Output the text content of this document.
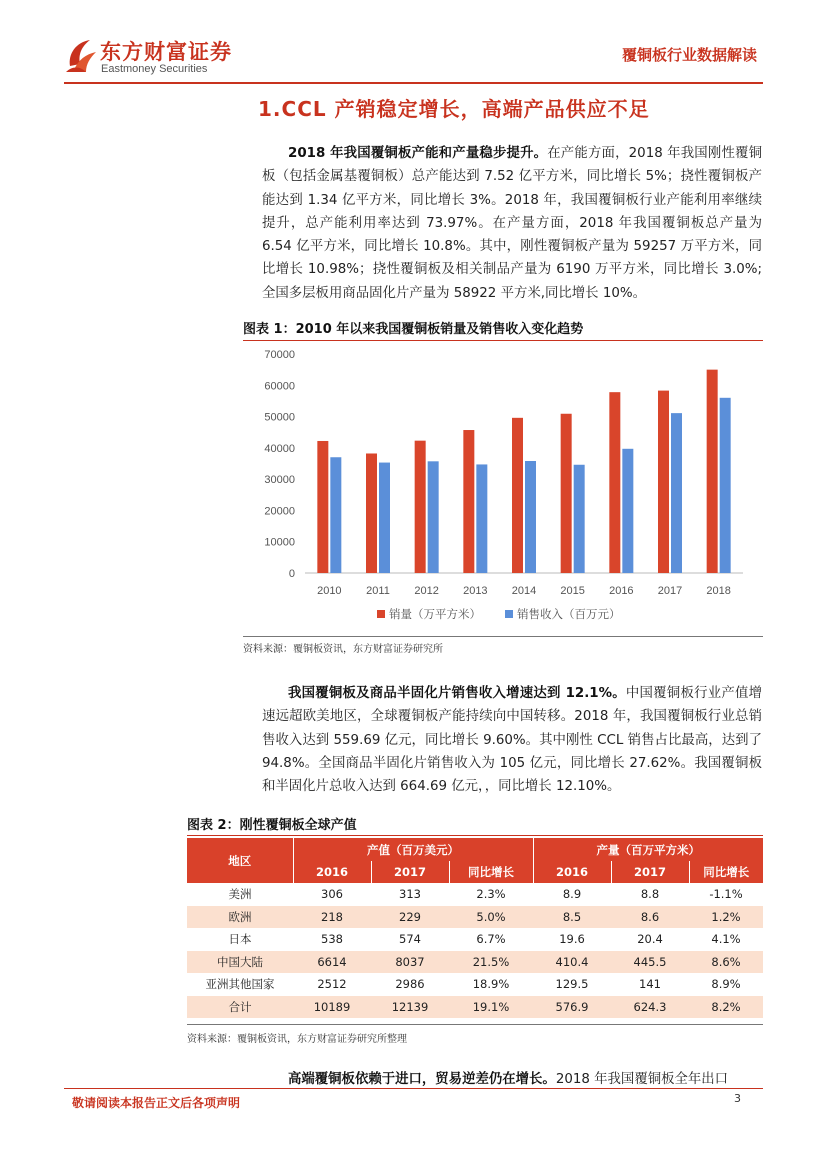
东方财富证券
Eastmoney Securities
覆铜板行业数据解读
1.CCL 产销稳定增长，高端产品供应不足
2018 年我国覆铜板产能和产量稳步提升。在产能方面，2018 年我国刚性覆铜板（包括金属基覆铜板）总产能达到 7.52 亿平方米，同比增长 5%；挠性覆铜板产能达到 1.34 亿平方米，同比增长 3%。2018 年，我国覆铜板行业产能利用率继续提升，总产能利用率达到 73.97%。在产量方面，2018 年我国覆铜板总产量为 6.54 亿平方米，同比增长 10.8%。其中，刚性覆铜板产量为 59257 万平方米，同比增长 10.98%；挠性覆铜板及相关制品产量为 6190 万平方米，同比增长 3.0%;全国多层板用商品固化片产量为 58922 平方米,同比增长 10%。
图表 1：2010 年以来我国覆铜板销量及销售收入变化趋势
0
10000
20000
30000
40000
50000
60000
70000
2010 2011 2012 2013 2014 2015 2016 2017 2018
销量（万平方米）	销售收入（百万元）
资料来源：覆铜板资讯，东方财富证券研究所
我国覆铜板及商品半固化片销售收入增速达到 12.1%。中国覆铜板行业产值增速远超欧美地区，全球覆铜板产能持续向中国转移。2018 年，我国覆铜板行业总销售收入达到 559.69 亿元，同比增长 9.60%。其中刚性 CCL 销售占比最高，达到了 94.8%。全国商品半固化片销售收入为 105 亿元，同比增长 27.62%。我国覆铜板和半固化片总收入达到 664.69 亿元，，同比增长 12.10%。
图表 2：刚性覆铜板全球产值
地区	产值（百万美元）			产量（百万平方米）		
	2016	2017	同比增长	2016	2017	同比增长
美洲	306	313	2.3%	8.9	8.8	-1.1%
欧洲	218	229	5.0%	8.5	8.6	1.2%
日本	538	574	6.7%	19.6	20.4	4.1%
中国大陆	6614	8037	21.5%	410.4	445.5	8.6%
亚洲其他国家	2512	2986	18.9%	129.5	141	8.9%
合计	10189	12139	19.1%	576.9	624.3	8.2%
资料来源：覆铜板资讯，东方财富证券研究所整理
高端覆铜板依赖于进口，贸易逆差仍在增长。2018 年我国覆铜板全年出口
敬请阅读本报告正文后各项声明	3
